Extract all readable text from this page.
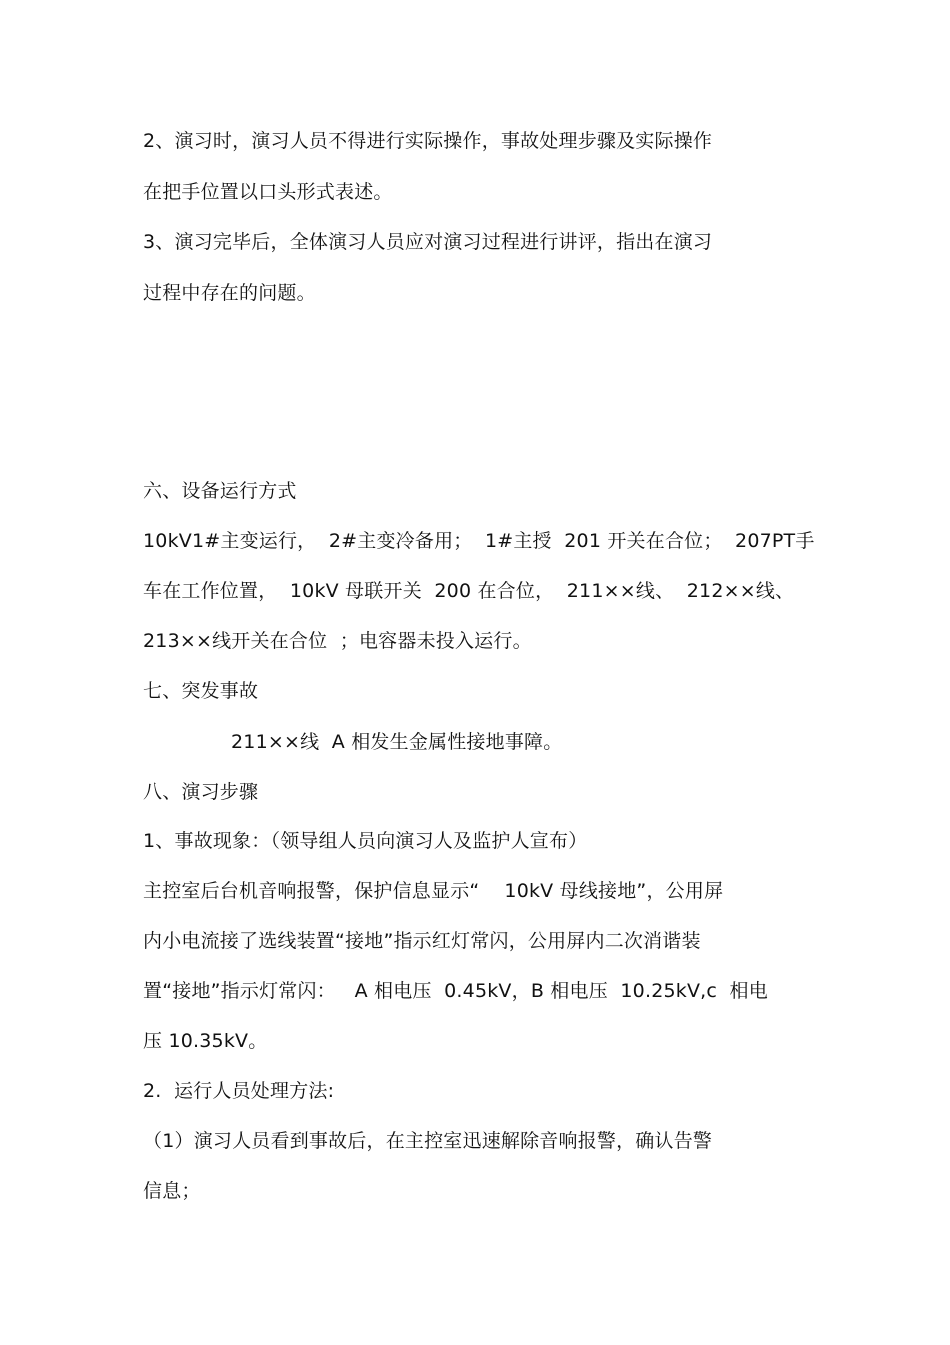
2、演习时，演习人员不得进行实际操作，事故处理步骤及实际操作
在把手位置以口头形式表述。
3、演习完毕后，全体演习人员应对演习过程进行讲评，指出在演习
过程中存在的问题。
六、设备运行方式
10kV1#主变运行，  2#主变冷备用；  1#主授  201 开关在合位；  207PT手
车在工作位置，  10kV 母联开关  200 在合位，  211××线、  212××线、
213××线开关在合位  ；电容器未投入运行。
七、突发事故
211××线  A 相发生金属性接地事障。
八、演习步骤
1、事故现象：（领导组人员向演习人及监护人宣布）
主控室后台机音响报警，保护信息显示“    10kV 母线接地”，公用屏
内小电流接了选线装置“接地”指示红灯常闪，公用屏内二次消谐装
置“接地”指示灯常闪：   A 相电压  0.45kV，B 相电压  10.25kV,c  相电
压 10.35kV。
2.  运行人员处理方法:
（1）演习人员看到事故后，在主控室迅速解除音响报警，确认告警
信息；
